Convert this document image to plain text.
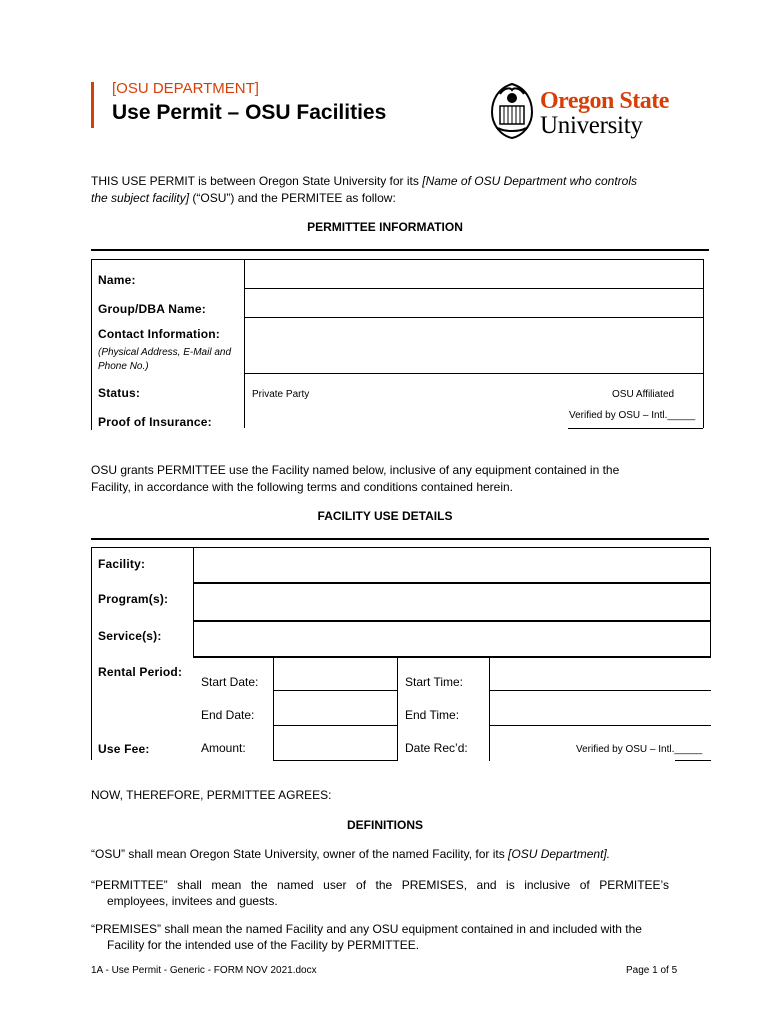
[OSU DEPARTMENT]
Use Permit – OSU Facilities	Oregon State
University
THIS USE PERMIT is between Oregon State University for its [Name of OSU Department who controls
the subject facility] (“OSU”) and the PERMITEE as follow:
PERMITTEE INFORMATION
Name:
Group/DBA Name:
Contact Information:
(Physical Address, E-Mail and
Phone No.)
Status:	Private Party	OSU Affiliated
Proof of Insurance:	Verified by OSU – Intl._____
OSU grants PERMITTEE use the Facility named below, inclusive of any equipment contained in the
Facility, in accordance with the following terms and conditions contained herein.
FACILITY USE DETAILS
Facility:
Program(s):
Service(s):
Rental Period:
Start Date:	Start Time:
End Date:	End Time:
Use Fee:	Amount:	Date Rec’d:	Verified by OSU – Intl._____
NOW, THEREFORE, PERMITTEE AGREES:
DEFINITIONS
“OSU” shall mean Oregon State University, owner of the named Facility, for its [OSU Department].
“PERMITTEE” shall mean the named user of the PREMISES, and is inclusive of PERMITEE’s
employees, invitees and guests.
“PREMISES” shall mean the named Facility and any OSU equipment contained in and included with the
Facility for the intended use of the Facility by PERMITTEE.
1A - Use Permit - Generic - FORM NOV 2021.docx	Page 1 of 5
